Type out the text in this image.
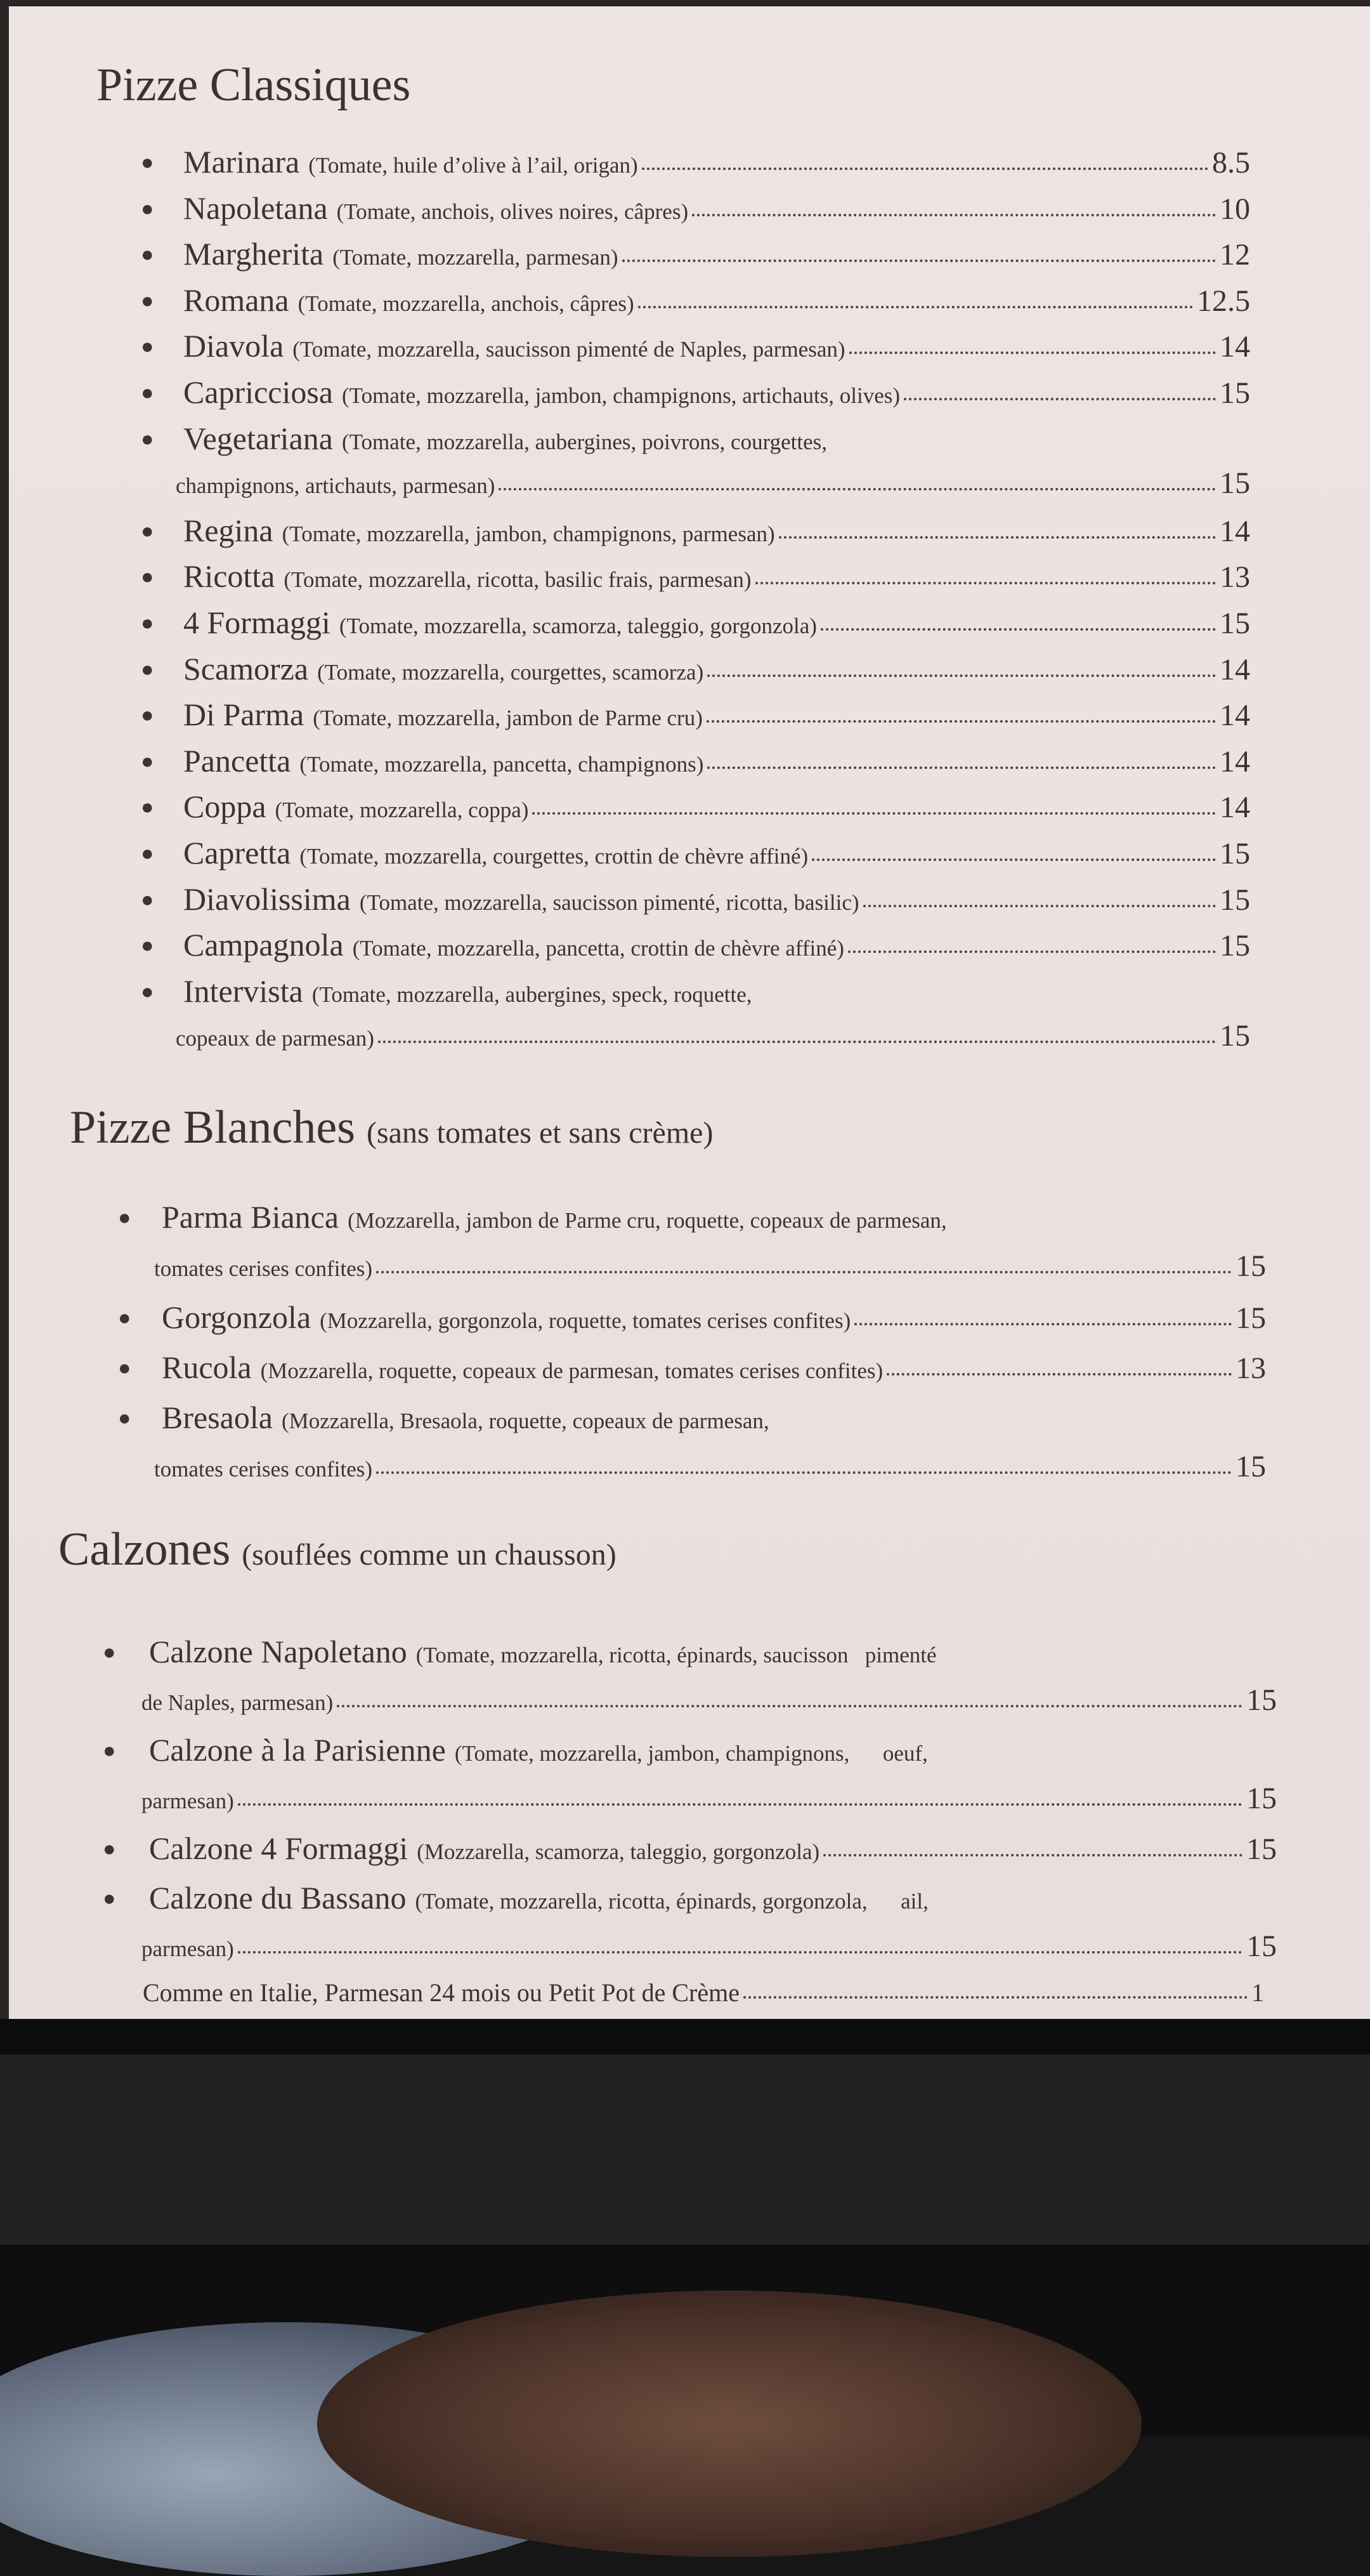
Pizze Classiques
● Marinara (Tomate, huile d’olive à l’ail, origan)	8.5
● Napoletana (Tomate, anchois, olives noires, câpres)	10
● Margherita (Tomate, mozzarella, parmesan)	12
● Romana (Tomate, mozzarella, anchois, câpres)	12.5
● Diavola (Tomate, mozzarella, saucisson pimenté de Naples, parmesan)	14
● Capricciosa (Tomate, mozzarella, jambon, champignons, artichauts, olives)	15
● Vegetariana (Tomate, mozzarella, aubergines, poivrons, courgettes,
champignons, artichauts, parmesan)	15
● Regina (Tomate, mozzarella, jambon, champignons, parmesan)	14
● Ricotta (Tomate, mozzarella, ricotta, basilic frais, parmesan)	13
● 4 Formaggi (Tomate, mozzarella, scamorza, taleggio, gorgonzola)	15
● Scamorza (Tomate, mozzarella, courgettes, scamorza)	14
● Di Parma (Tomate, mozzarella, jambon de Parme cru)	14
● Pancetta (Tomate, mozzarella, pancetta, champignons)	14
● Coppa (Tomate, mozzarella, coppa)	14
● Capretta (Tomate, mozzarella, courgettes, crottin de chèvre affiné)	15
● Diavolissima (Tomate, mozzarella, saucisson pimenté, ricotta, basilic)	15
● Campagnola (Tomate, mozzarella, pancetta, crottin de chèvre affiné)	15
● Intervista (Tomate, mozzarella, aubergines, speck, roquette,
copeaux de parmesan)	15
Pizze Blanches (sans tomates et sans crème)
● Parma Bianca (Mozzarella, jambon de Parme cru, roquette, copeaux de parmesan,
tomates cerises confites)	15
● Gorgonzola (Mozzarella, gorgonzola, roquette, tomates cerises confites)	15
● Rucola (Mozzarella, roquette, copeaux de parmesan, tomates cerises confites)	13
● Bresaola (Mozzarella, Bresaola, roquette, copeaux de parmesan,
tomates cerises confites)	15
Calzones (souflées comme un chausson)
● Calzone Napoletano (Tomate, mozzarella, ricotta, épinards, saucisson   pimenté
de Naples, parmesan)	15
● Calzone à la Parisienne (Tomate, mozzarella, jambon, champignons,      oeuf,
parmesan)	15
● Calzone 4 Formaggi (Mozzarella, scamorza, taleggio, gorgonzola)	15
● Calzone du Bassano (Tomate, mozzarella, ricotta, épinards, gorgonzola,      ail,
parmesan)	15
Comme en Italie, Parmesan 24 mois ou Petit Pot de Crème	1
